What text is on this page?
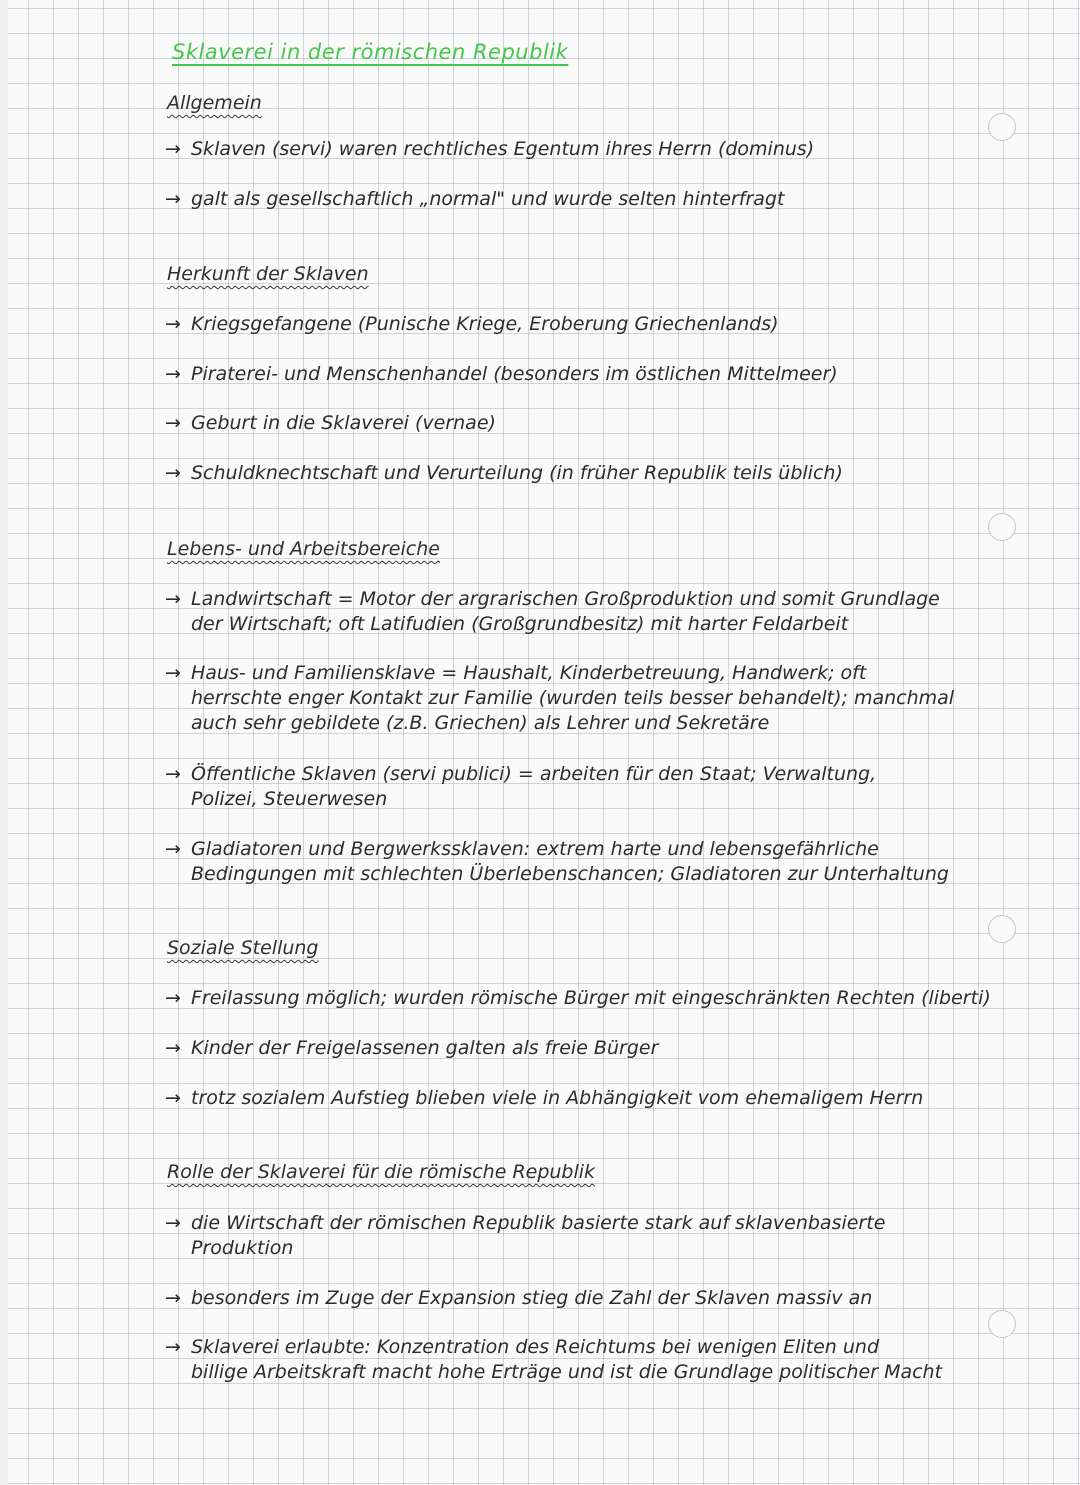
Sklaverei in der römischen Republik
Allgemein
→ Sklaven (servi) waren rechtliches Egentum ihres Herrn (dominus)
→ galt als gesellschaftlich „normal" und wurde selten hinterfragt
Herkunft der Sklaven
→ Kriegsgefangene (Punische Kriege, Eroberung Griechenlands)
→ Piraterei- und Menschenhandel (besonders im östlichen Mittelmeer)
→ Geburt in die Sklaverei (vernae)
→ Schuldknechtschaft und Verurteilung (in früher Republik teils üblich)
Lebens- und Arbeitsbereiche
→ Landwirtschaft = Motor der argrarischen Großproduktion und somit Grundlage
der Wirtschaft; oft Latifudien (Großgrundbesitz) mit harter Feldarbeit
→ Haus- und Familiensklave = Haushalt, Kinderbetreuung, Handwerk; oft
herrschte enger Kontakt zur Familie (wurden teils besser behandelt); manchmal
auch sehr gebildete (z.B. Griechen) als Lehrer und Sekretäre
→ Öffentliche Sklaven (servi publici) = arbeiten für den Staat; Verwaltung,
Polizei, Steuerwesen
→ Gladiatoren und Bergwerkssklaven: extrem harte und lebensgefährliche
Bedingungen mit schlechten Überlebenschancen; Gladiatoren zur Unterhaltung
Soziale Stellung
→ Freilassung möglich; wurden römische Bürger mit eingeschränkten Rechten (liberti)
→ Kinder der Freigelassenen galten als freie Bürger
→ trotz sozialem Aufstieg blieben viele in Abhängigkeit vom ehemaligem Herrn
Rolle der Sklaverei für die römische Republik
→ die Wirtschaft der römischen Republik basierte stark auf sklavenbasierte
Produktion
→ besonders im Zuge der Expansion stieg die Zahl der Sklaven massiv an
→ Sklaverei erlaubte: Konzentration des Reichtums bei wenigen Eliten und
billige Arbeitskraft macht hohe Erträge und ist die Grundlage politischer Macht
